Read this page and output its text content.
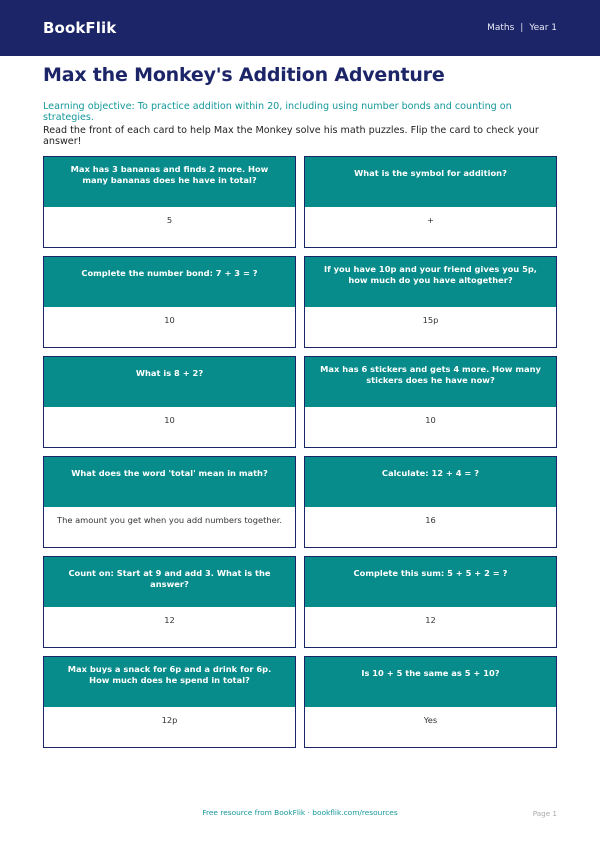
BookFlik	Maths | Year 1
Max the Monkey's Addition Adventure

Learning objective: To practice addition within 20, including using number bonds and counting on strategies.

Read the front of each card to help Max the Monkey solve his math puzzles. Flip the card to check your answer!

Max has 3 bananas and finds 2 more. How many bananas does he have in total?
5
What is the symbol for addition?
+
Complete the number bond: 7 + 3 = ?
10
If you have 10p and your friend gives you 5p, how much do you have altogether?
15p
What is 8 + 2?
10
Max has 6 stickers and gets 4 more. How many stickers does he have now?
10
What does the word 'total' mean in math?
The amount you get when you add numbers together.
Calculate: 12 + 4 = ?
16
Count on: Start at 9 and add 3. What is the answer?
12
Complete this sum: 5 + 5 + 2 = ?
12
Max buys a snack for 6p and a drink for 6p. How much does he spend in total?
12p
Is 10 + 5 the same as 5 + 10?
Yes
Free resource from BookFlik · bookflik.com/resources	Page 1
